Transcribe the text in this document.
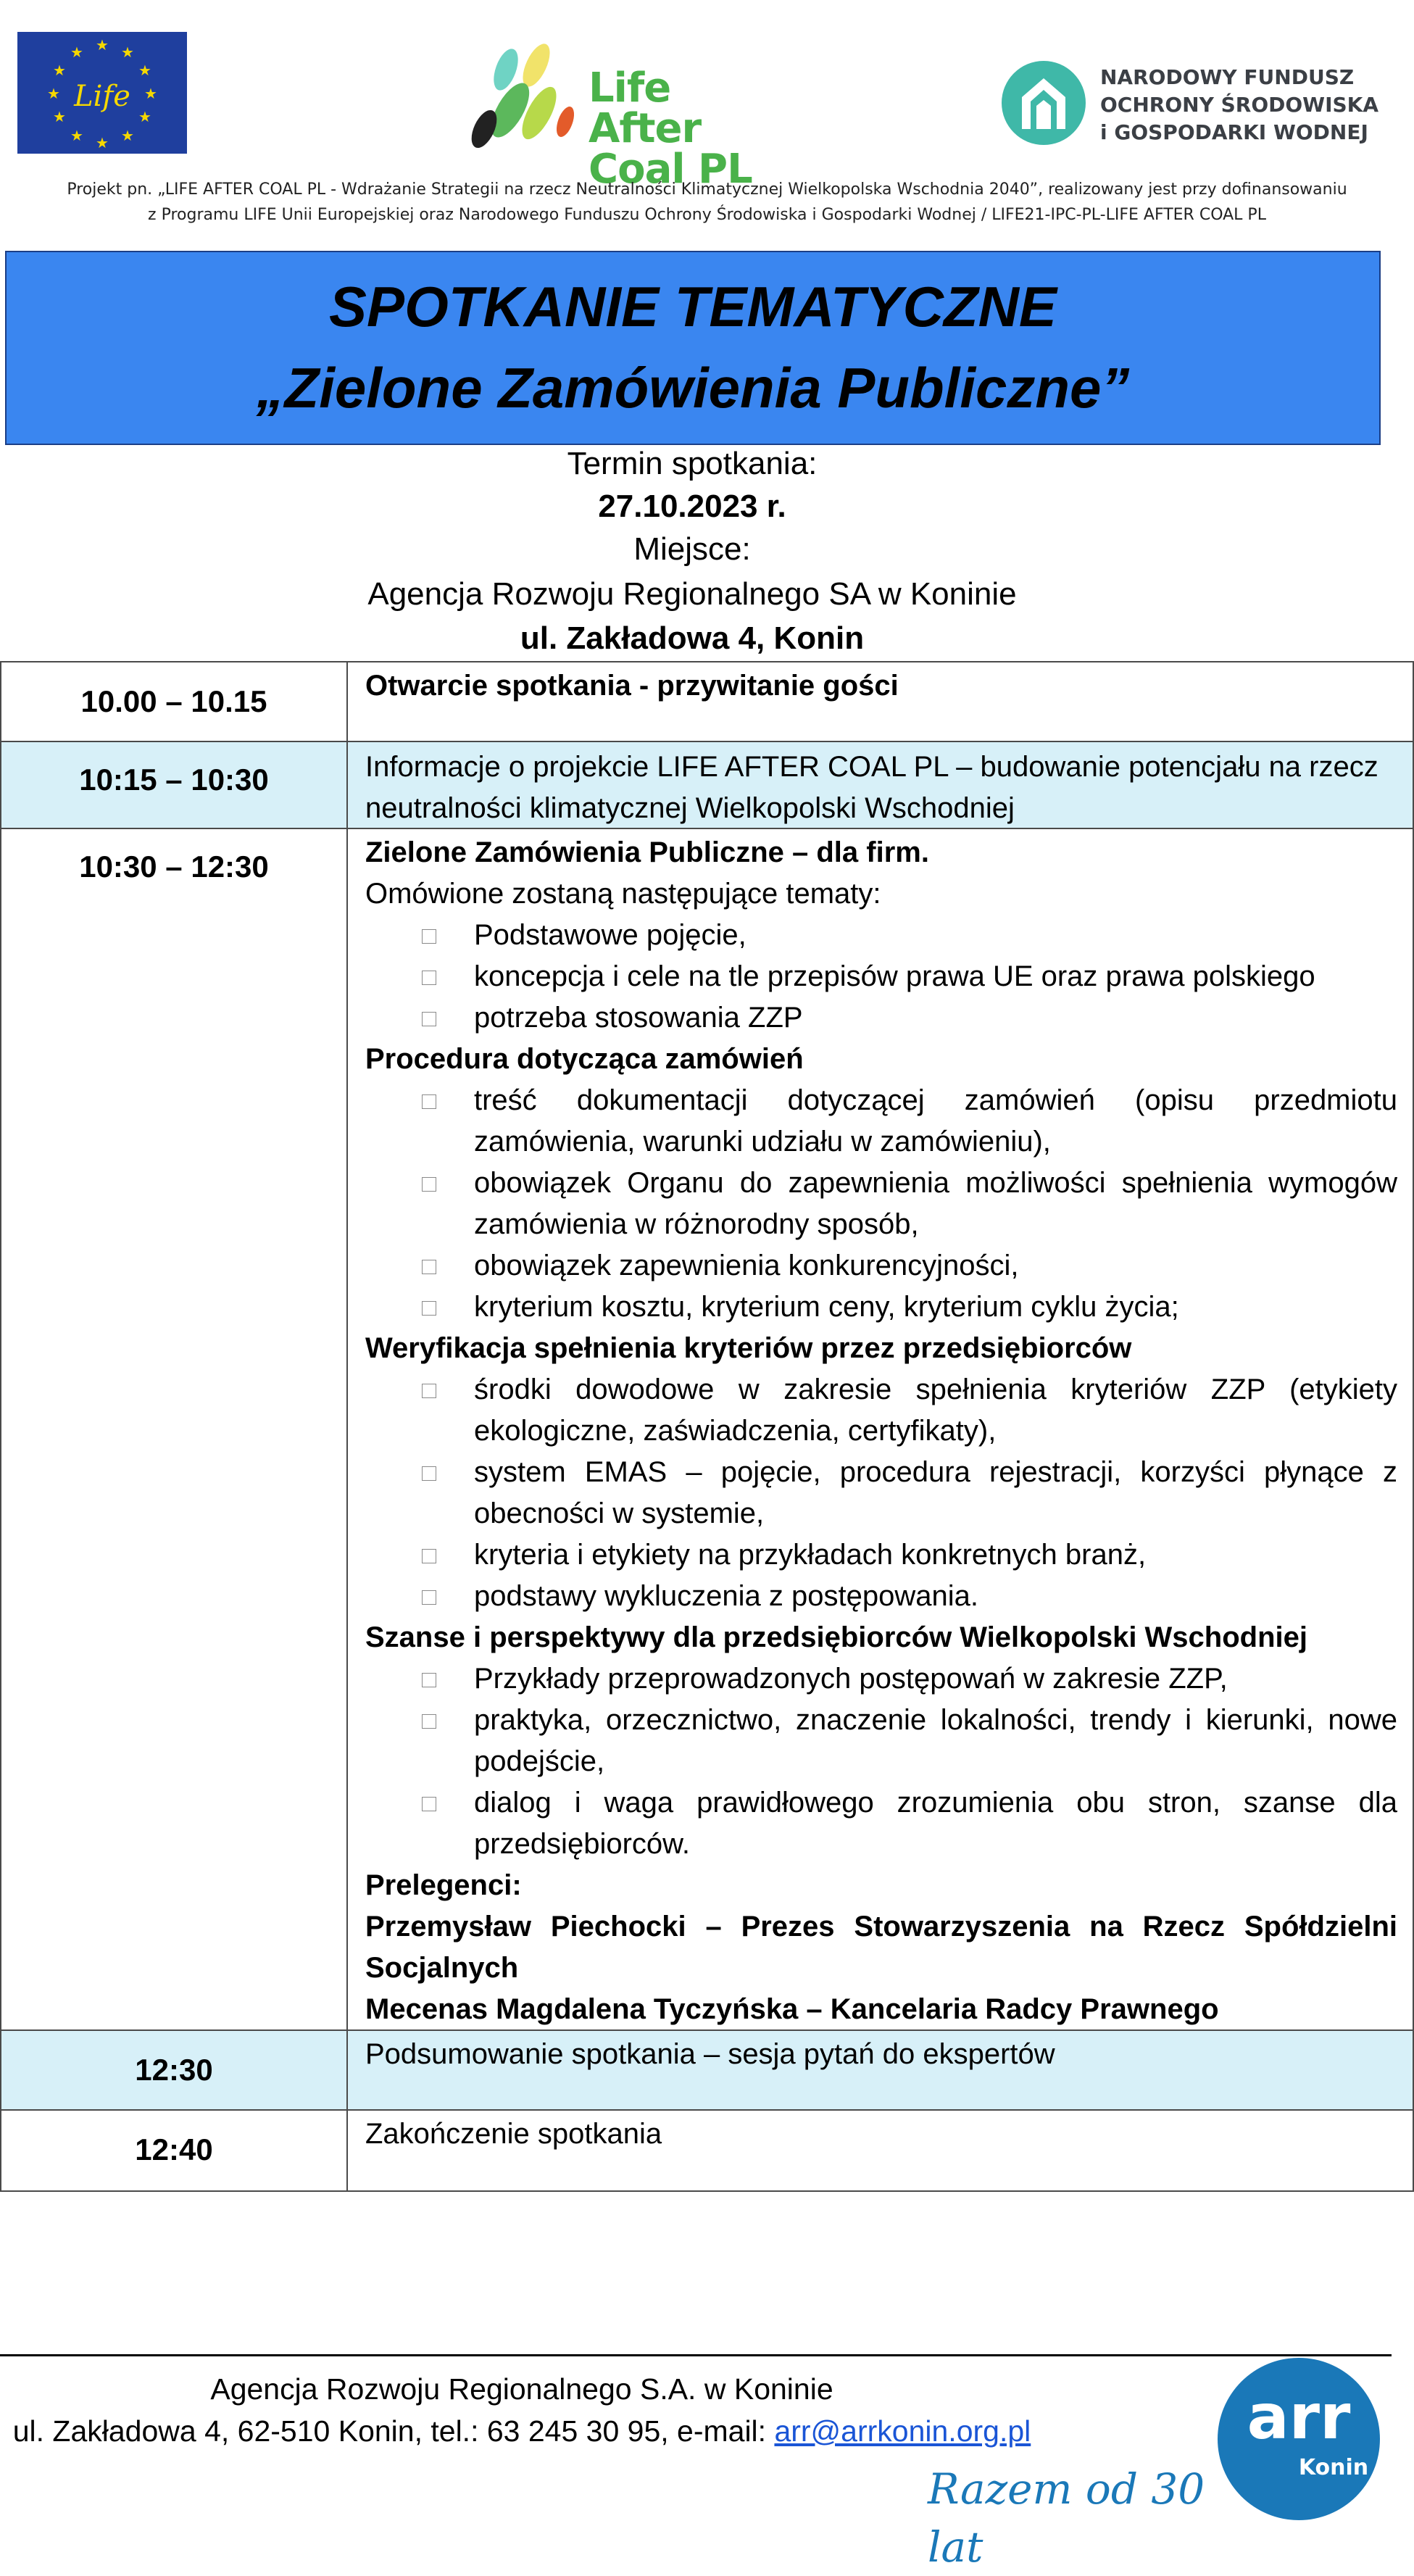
★ ★
★
★
★
★
★
★
★
★
★
★
Life	Life After
Coal PL
NARODOWY FUNDUSZ
OCHRONY ŚRODOWISKA
i GOSPODARKI WODNEJ
Projekt pn. „LIFE AFTER COAL PL - Wdrażanie Strategii na rzecz Neutralności Klimatycznej Wielkopolska Wschodnia 2040”, realizowany jest przy dofinansowaniu
z Programu LIFE Unii Europejskiej oraz Narodowego Funduszu Ochrony Środowiska i Gospodarki Wodnej / LIFE21-IPC-PL-LIFE AFTER COAL PL
SPOTKANIE TEMATYCZNE
„Zielone Zamówienia Publiczne”
Termin spotkania:
27.10.2023 r.
Miejsce:
Agencja Rozwoju Regionalnego SA w Koninie
ul. Zakładowa 4, Konin
10.00 – 10.15	Otwarcie spotkania - przywitanie gości
10:15 – 10:30	Informacje o projekcie LIFE AFTER COAL PL – budowanie potencjału na rzecz
neutralności klimatycznej Wielkopolski Wschodniej
10:30 – 12:30	Zielone Zamówienia Publiczne – dla firm.

Omówione zostaną następujące tematy:

Podstawowe pojęcie,
koncepcja i cele na tle przepisów prawa UE oraz prawa polskiego
potrzeba stosowania ZZP

Procedura dotycząca zamówień

treść dokumentacji dotyczącej zamówień (opisu przedmiotu zamówienia, warunki udziału w zamówieniu),
obowiązek Organu do zapewnienia możliwości spełnienia wymogów zamówienia w różnorodny sposób,
obowiązek zapewnienia konkurencyjności,
kryterium kosztu, kryterium ceny, kryterium cyklu życia;

Weryfikacja spełnienia kryteriów przez przedsiębiorców

środki dowodowe w zakresie spełnienia kryteriów ZZP (etykiety ekologiczne, zaświadczenia, certyfikaty),
system EMAS – pojęcie, procedura rejestracji, korzyści płynące z obecności w systemie,
kryteria i etykiety na przykładach konkretnych branż,
podstawy wykluczenia z postępowania.

Szanse i perspektywy dla przedsiębiorców Wielkopolski Wschodniej

Przykłady przeprowadzonych postępowań w zakresie ZZP,
praktyka, orzecznictwo, znaczenie lokalności, trendy i kierunki, nowe podejście,
dialog i waga prawidłowego zrozumienia obu stron, szanse dla przedsiębiorców.

Prelegenci:

Przemysław Piechocki – Prezes Stowarzyszenia na Rzecz Spółdzielni Socjalnych

Mecenas Magdalena Tyczyńska – Kancelaria Radcy Prawnego

12:30	Podsumowanie spotkania – sesja pytań do ekspertów
12:40	Zakończenie spotkania
Agencja Rozwoju Regionalnego S.A. w Koninie
ul. Zakładowa 4, 62-510 Konin, tel.: 63 245 30 95, e-mail: arr@arrkonin.org.pl
Razem od 30 lat
arr
Konin
